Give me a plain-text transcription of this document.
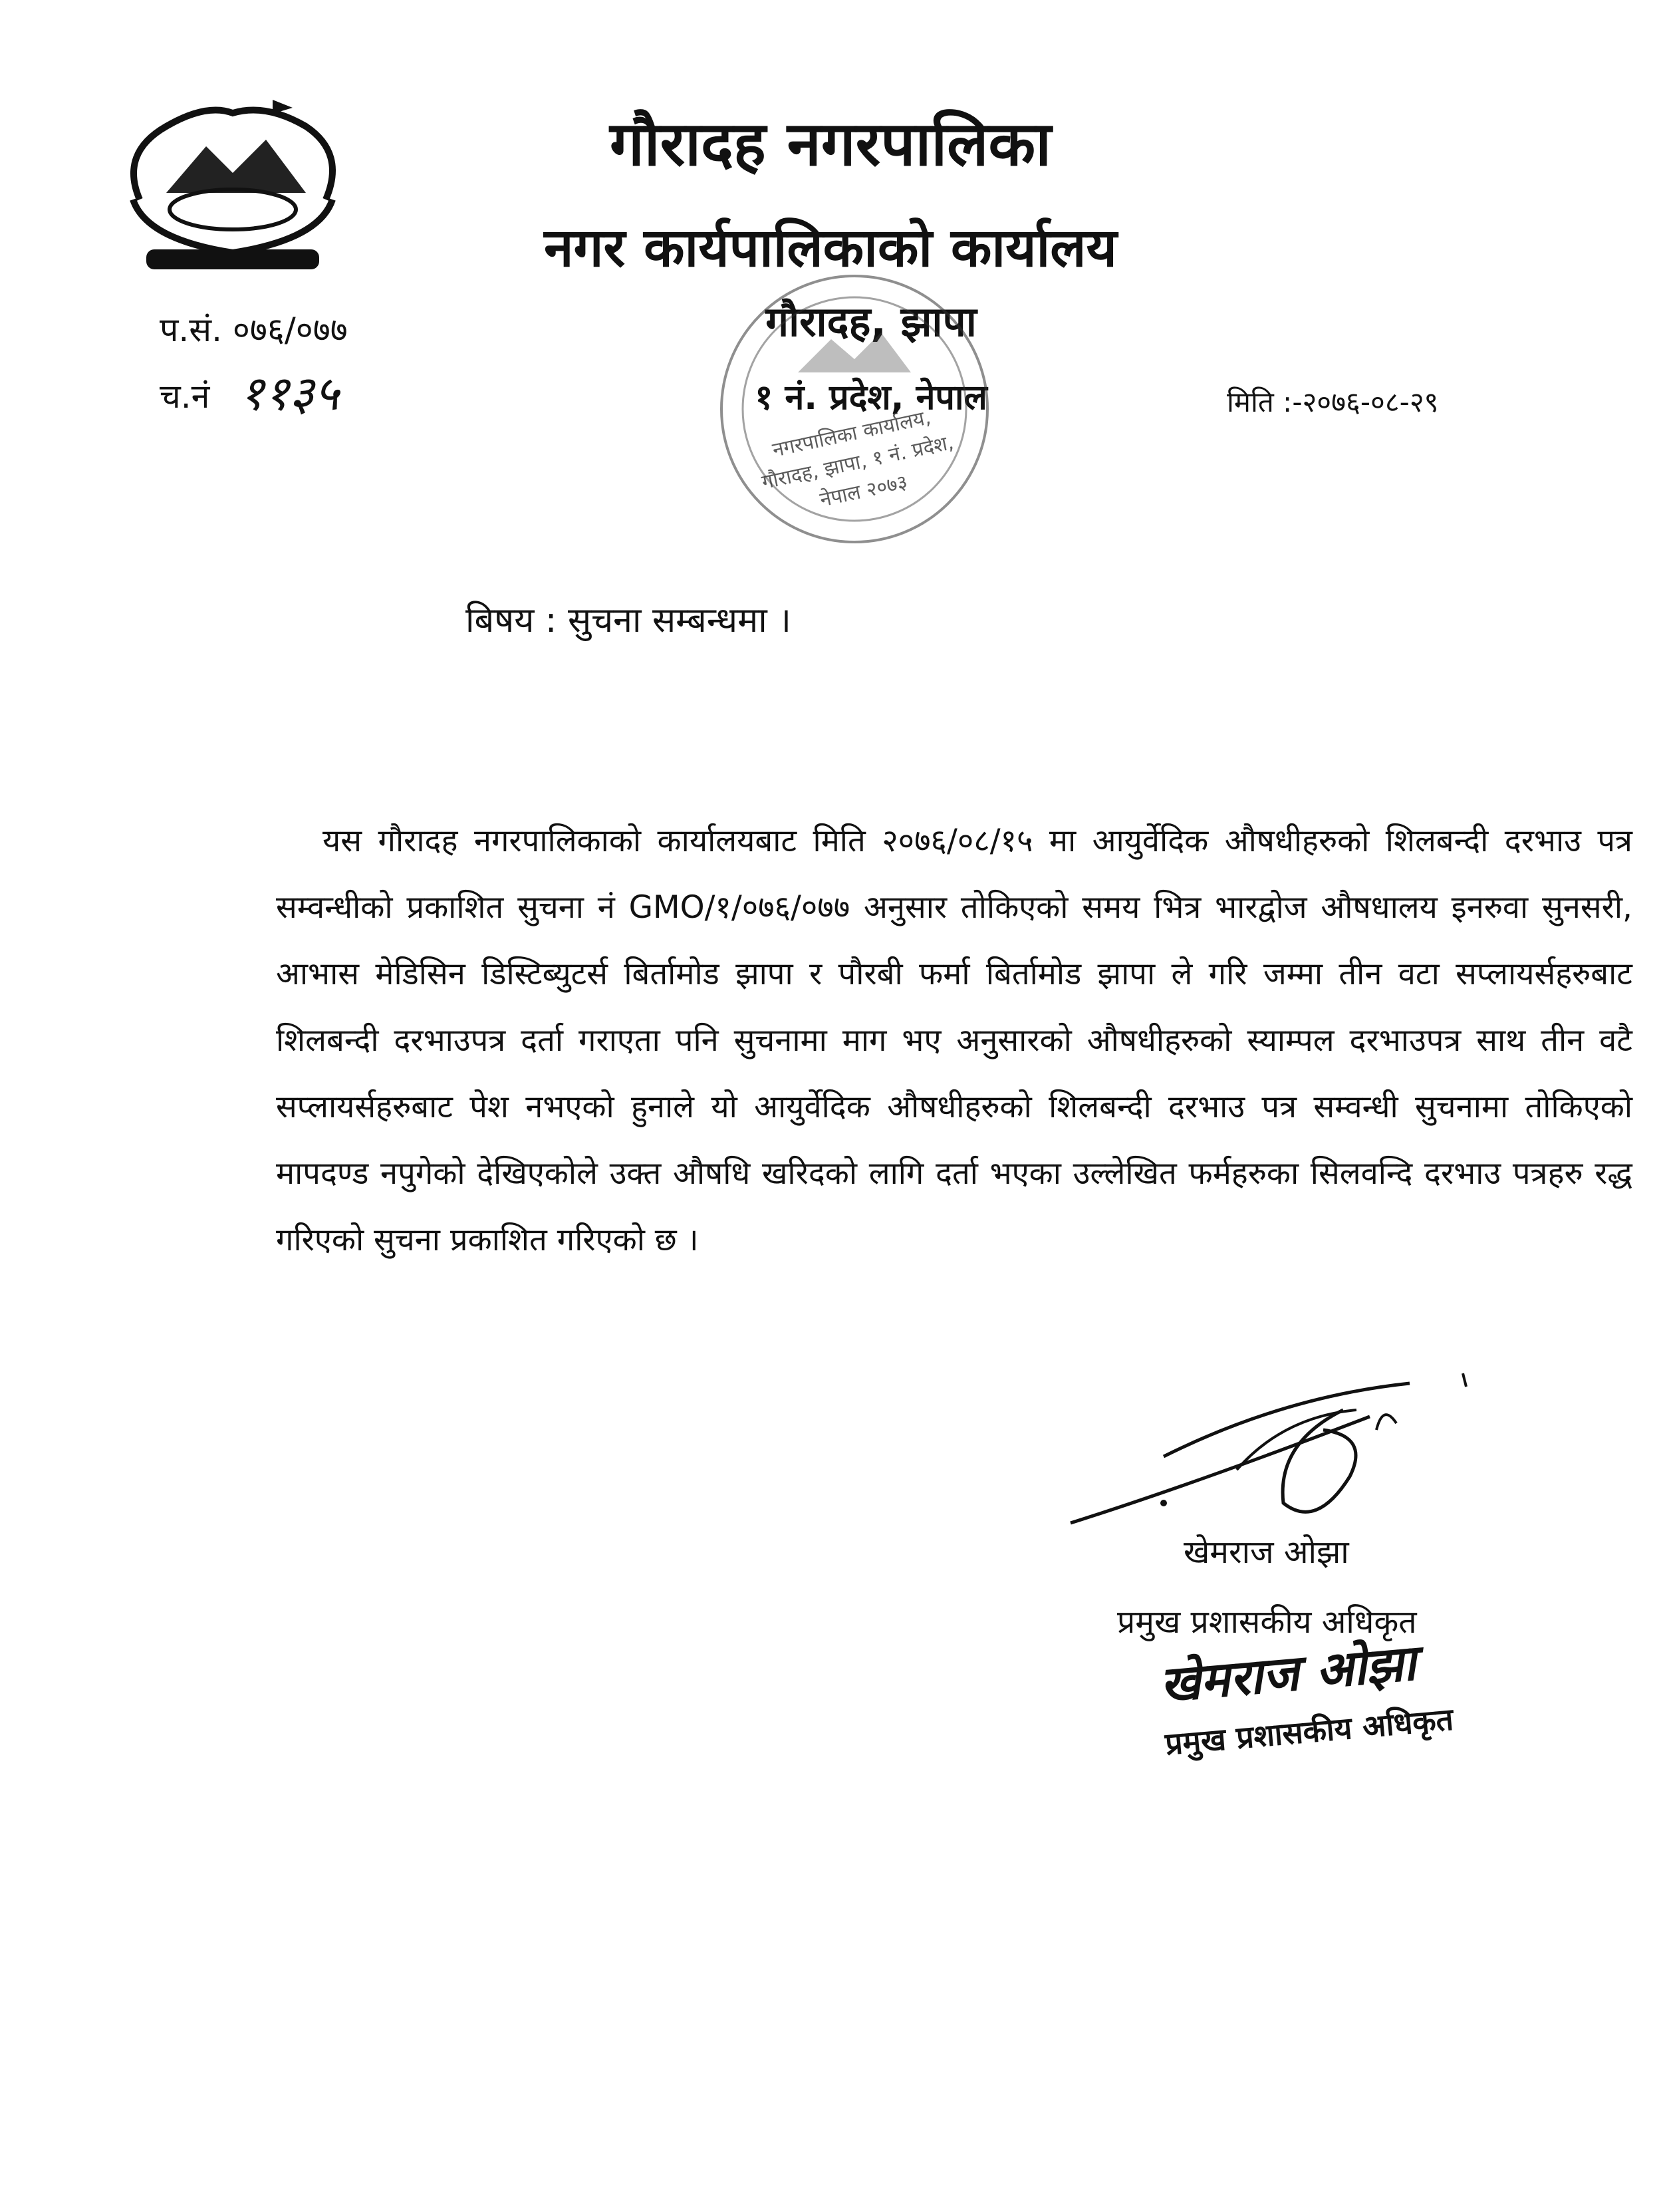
गौरादह नगरपालिका
नगर कार्यपालिकाको कार्यालय
गौरादह, झापा
१ नं. प्रदेश, नेपाल
नगरपालिका कार्यालय, गौरादह, झापा, १ नं. प्रदेश, नेपाल २०७३
प.सं. ०७६/०७७
च.नं ११३५	मिति :-२०७६-०८-२९
बिषय : सुचना सम्बन्धमा ।
यस गौरादह नगरपालिकाको कार्यालयबाट मिति २०७६/०८/१५ मा आयुर्वेदिक औषधीहरुको शिलबन्दी दरभाउ पत्र सम्वन्धीको प्रकाशित सुचना नं GMO/१/०७६/०७७ अनुसार तोकिएको समय भित्र भारद्वोज औषधालय इनरुवा सुनसरी, आभास मेडिसिन डिस्टिब्युटर्स बिर्तामोड झापा र पौरबी फर्मा बिर्तामोड झापा ले गरि जम्मा तीन वटा सप्लायर्सहरुबाट शिलबन्दी दरभाउपत्र दर्ता गराएता पनि सुचनामा माग भए अनुसारको औषधीहरुको स्याम्पल दरभाउपत्र साथ तीन वटै सप्लायर्सहरुबाट पेश नभएको हुनाले यो आयुर्वेदिक औषधीहरुको शिलबन्दी दरभाउ पत्र सम्वन्धी सुचनामा तोकिएको मापदण्ड नपुगेको देखिएकोले उक्त औषधि खरिदको लागि दर्ता भएका उल्लेखित फर्महरुका सिलवन्दि दरभाउ पत्रहरु रद्ध गरिएको सुचना प्रकाशित गरिएको छ ।
खेमराज ओझा
प्रमुख प्रशासकीय अधिकृत
खेमराज ओझा
प्रमुख प्रशासकीय अधिकृत
